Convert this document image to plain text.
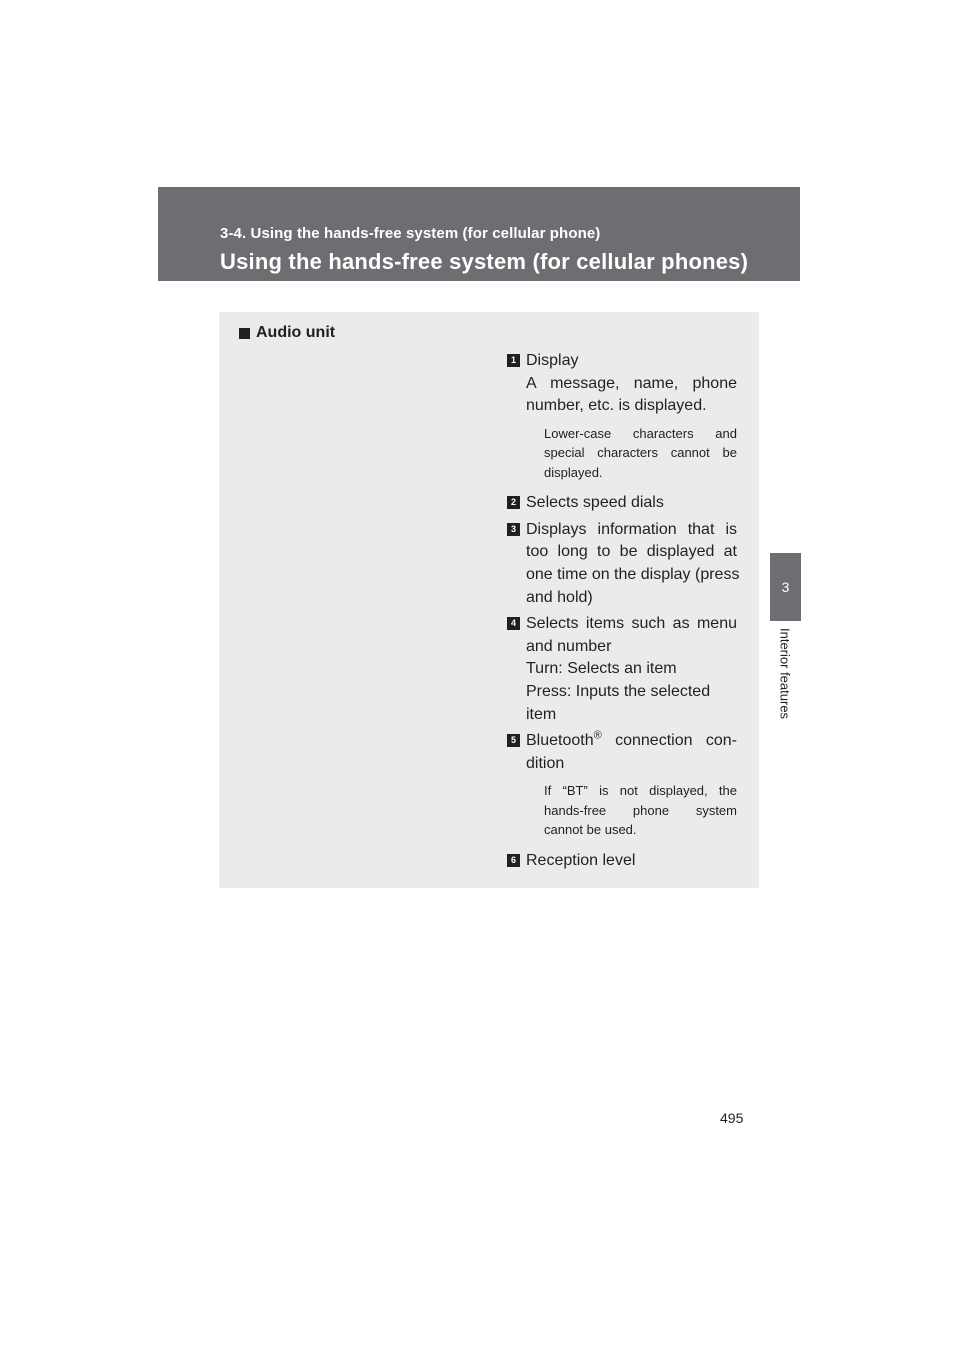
3-4. Using the hands-free system (for cellular phone)
Using the hands-free system (for cellular phones)
3
Interior features
Audio unit
1 Display
A message, name, phone
number, etc. is displayed.
Lower-case characters and
special characters cannot be
displayed.
2 Selects speed dials
3 Displays information that is
too long to be displayed at
one time on the display (press
and hold)
4 Selects items such as menu
and number
Turn: Selects an item
Press: Inputs the selected
item
5 Bluetooth® connection con-
dition
If “BT” is not displayed, the
hands-free phone system
cannot be used.
6 Reception level
495
